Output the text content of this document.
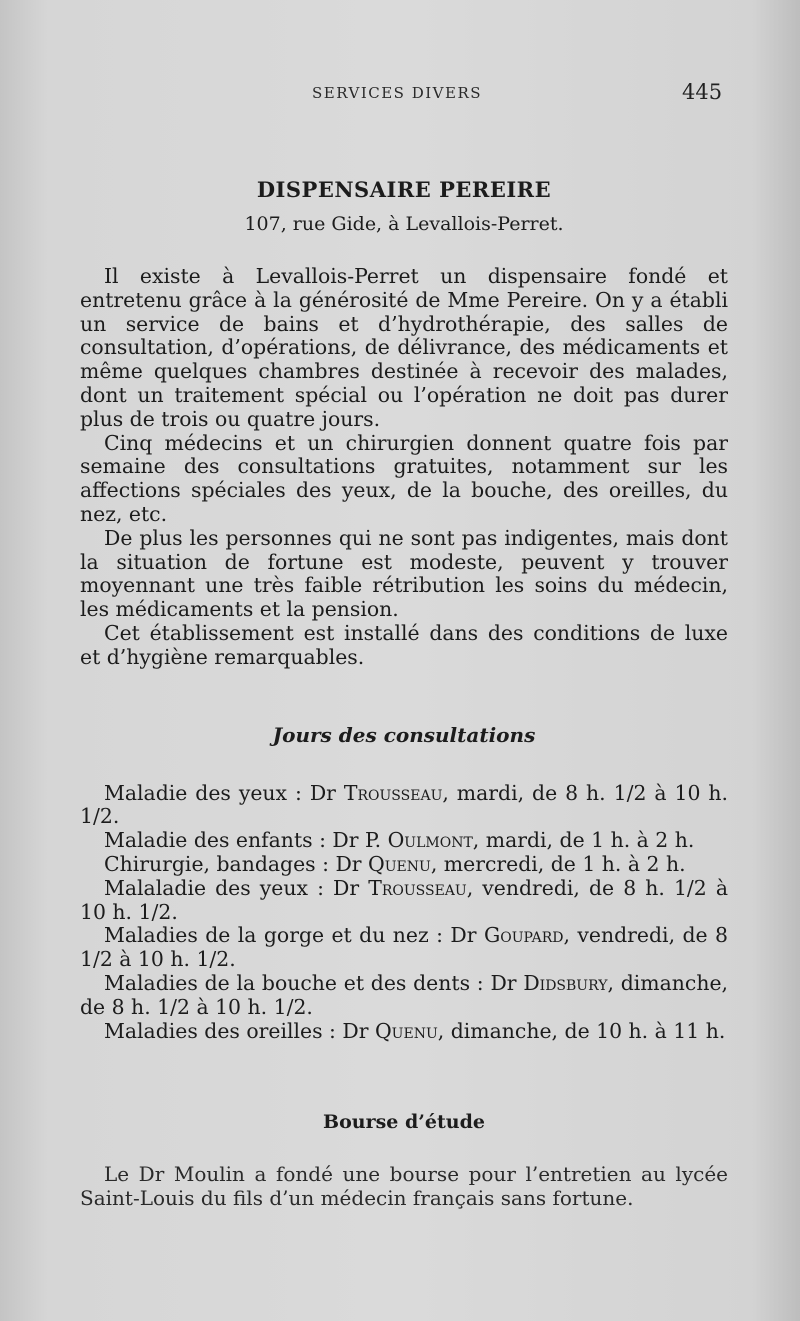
SERVICES DIVERS	445
DISPENSAIRE PEREIRE
107, rue Gide, à Levallois-Perret.

Il existe à Levallois-Perret un dispensaire fondé et entretenu grâce à la générosité de Mme Pereire. On y a établi un service de bains et d’hydrothérapie, des salles de consultation, d’opérations, de délivrance, des médicaments et même quelques chambres destinée à recevoir des malades, dont un traitement spécial ou l’opération ne doit pas durer plus de trois ou quatre jours.

Cinq médecins et un chirurgien donnent quatre fois par semaine des consultations gratuites, notamment sur les affections spéciales des yeux, de la bouche, des oreilles, du nez, etc.

De plus les personnes qui ne sont pas indigentes, mais dont la situation de fortune est modeste, peuvent y trouver moyennant une très faible rétribution les soins du médecin, les médicaments et la pension.

Cet établissement est installé dans des conditions de luxe et d’hygiène remarquables.

Jours des consultations

Maladie des yeux : Dr Trousseau, mardi, de 8 h. 1/2 à 10 h. 1/2.

Maladie des enfants : Dr P. Oulmont, mardi, de 1 h. à 2 h.

Chirurgie, bandages : Dr Quenu, mercredi, de 1 h. à 2 h.

Malaladie des yeux : Dr Trousseau, vendredi, de 8 h. 1/2 à 10 h. 1/2.

Maladies de la gorge et du nez : Dr Goupard, vendredi, de 8 1/2 à 10 h. 1/2.

Maladies de la bouche et des dents : Dr Didsbury, dimanche, de 8 h. 1/2 à 10 h. 1/2.

Maladies des oreilles : Dr Quenu, dimanche, de 10 h. à 11 h.

Bourse d’étude

Le Dr Moulin a fondé une bourse pour l’entretien au lycée Saint-Louis du fils d’un médecin français sans fortune.
